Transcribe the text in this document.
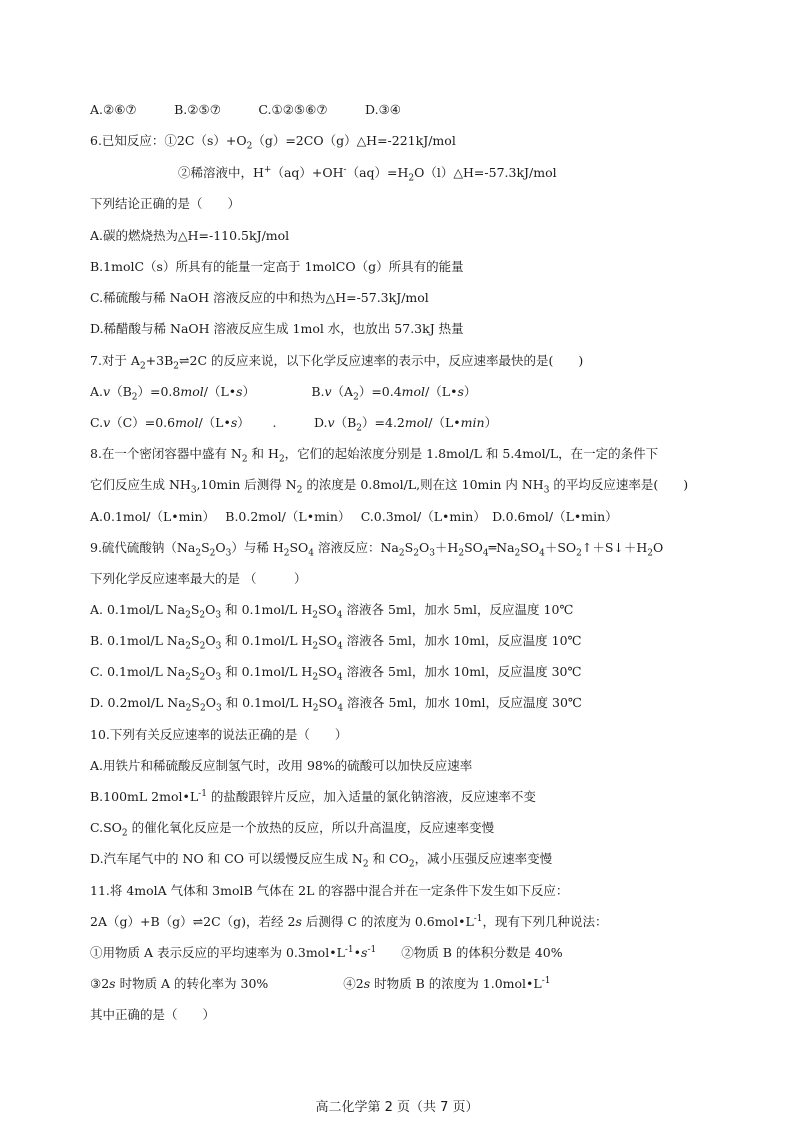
A.②⑥⑦　　　B.②⑤⑦　　　C.①②⑤⑥⑦　　　D.③④
6.已知反应：$①2C(s)+O_2(g)=2CO(g)\triangle H=-221kJ$/mol
②稀溶液中，$H^+(aq)+OH^-(aq)=H_2O(l)\triangle H=-57.3kJ$/mol
下列结论正确的是（　　）
A.碳的燃烧热为△H=-110.5kJ/mol
B.1molC（s）所具有的能量一定高于 1molCO（g）所具有的能量
C.稀硫酸与稀 NaOH 溶液反应的中和热为△H=-57.3kJ/mol
D.稀醋酸与稀 NaOH 溶液反应生成 1mol 水，也放出 57.3kJ 热量
7.对于 $A_2+3B_2\rightleftharpoons 2C$ 的反应来说，以下化学反应速率的表示中，反应速率最快的是(　　)
$A.v(B_2)=0.8mol/(L•s)$　　　　　$B.v(A_2)=0.4mol/(L•s)$
C.v（C）=0.6mol/（L•s）　　 .　　　$D.v(B_2)=4.2mol/(L•\min)$
8.在一个密闭容器中盛有 $N_2$ 和 $H_2$，它们的起始浓度分别是 1.8mol/L 和 5.4mol/L，在一定的条件下
它们反应生成 $NH_3,10\min$ 后测得 $N_2$ 的浓度是 0.8mol/L,则在这 10min 内 $NH_3$ 的平均反应速率是(　　)
A.0.1mol/（L•min）　 B.0.2mol/（L•min）　 C.0.3mol/（L•min）　D.0.6mol/（L•min）
9.硫代硫酸钠$(Na_2S_2O_3)$与稀 $H_2SO_4$ 溶液反应：$Na_2S_2O_3+H_2SO_4═Na_2SO_4+SO_2↑+S↓+H_2O$
下列化学反应速率最大的是 （　　　）
A. 0.1mol/L $Na_2S_2O_3$ 和 0.1mol/L $H_2SO_4$ 溶液各 5ml，加水 5ml，反应温度 10℃
B. 0.1mol/L $Na_2S_2O_3$ 和 0.1mol/L $H_2SO_4$ 溶液各 5ml，加水 10ml，反应温度 10℃
C. 0.1mol/L $Na_2S_2O_3$ 和 0.1mol/L $H_2SO_4$ 溶液各 5ml，加水 10ml，反应温度 30℃
D. 0.2mol/L $Na_2S_2O_3$ 和 0.1mol/L $H_2SO_4$ 溶液各 5ml，加水 10ml，反应温度 30℃
10.下列有关反应速率的说法正确的是（　　）
A.用铁片和稀硫酸反应制氢气时，改用 98%的硫酸可以加快反应速率
B.100mL $2mol•L^{-1}$ 的盐酸跟锌片反应，加入适量的氯化钠溶液，反应速率不变
$C.SO_2$ 的催化氧化反应是一个放热的反应，所以升高温度，反应速率变慢
D.汽车尾气中的 NO 和 CO 可以缓慢反应生成 $N_2$ 和 $CO_2$，减小压强反应速率变慢
11.将 4molA 气体和 3molB 气体在 2L 的容器中混合并在一定条件下发生如下反应：
2A（g）+B（g）⇌2C（g)，若经 2s 后测得 C 的浓度为 $0.6mol•L^{-1}$，现有下列几种说法：
①用物质 A 表示反应的平均速率为 $0.3mol•L^{-1}•s^{-1}$　　②物质 B 的体积分数是 40%
③2s 时物质 A 的转化率为 30%　　　　　　④2s 时物质 B 的浓度为 $1.0mol•L^{-1}$
其中正确的是（　　）
高二化学第 2 页（共 7 页）
